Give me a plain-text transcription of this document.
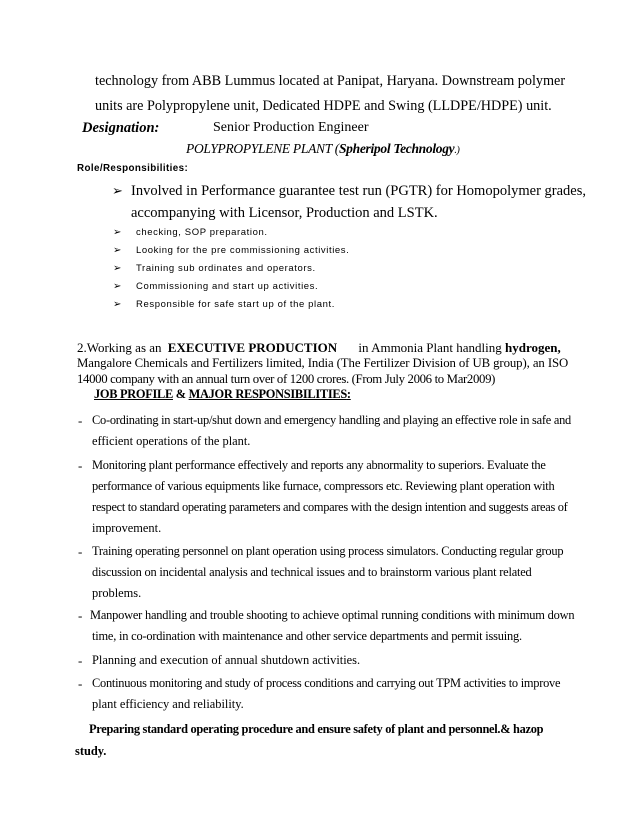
technology from ABB Lummus located at Panipat, Haryana. Downstream polymer
units are Polypropylene unit, Dedicated HDPE and Swing (LLDPE/HDPE) unit.
Designation:	Senior Production Engineer
POLYPROPYLENE PLANT (Spheripol Technology.)
Role/Responsibilities:
➢ Involved in Performance guarantee test run (PGTR) for Homopolymer grades,
accompanying with Licensor, Production and LSTK.
➢ checking, SOP preparation.
➢ Looking for the pre commissioning activities.
➢ Training sub ordinates and operators.
➢ Commissioning and start up activities.
➢ Responsible for safe start up of the plant.
2.Working as an EXECUTIVE PRODUCTION in Ammonia Plant handling hydrogen,
Mangalore Chemicals and Fertilizers limited, India (The Fertilizer Division of UB group), an ISO
14000 company with an annual turn over of 1200 crores. (From July 2006 to Mar2009)
JOB PROFILE & MAJOR RESPONSIBILITIES:
- Co-ordinating in start-up/shut down and emergency handling and playing an effective role in safe and
efficient operations of the plant.
- Monitoring plant performance effectively and reports any abnormality to superiors. Evaluate the
performance of various equipments like furnace, compressors etc. Reviewing plant operation with
respect to standard operating parameters and compares with the design intention and suggests areas of
improvement.
- Training operating personnel on plant operation using process simulators. Conducting regular group
discussion on incidental analysis and technical issues and to brainstorm various plant related
problems.
- Manpower handling and trouble shooting to achieve optimal running conditions with minimum down
time, in co-ordination with maintenance and other service departments and permit issuing.
- Planning and execution of annual shutdown activities.
- Continuous monitoring and study of process conditions and carrying out TPM activities to improve
plant efficiency and reliability.
Preparing standard operating procedure and ensure safety of plant and personnel.& hazop
study.
